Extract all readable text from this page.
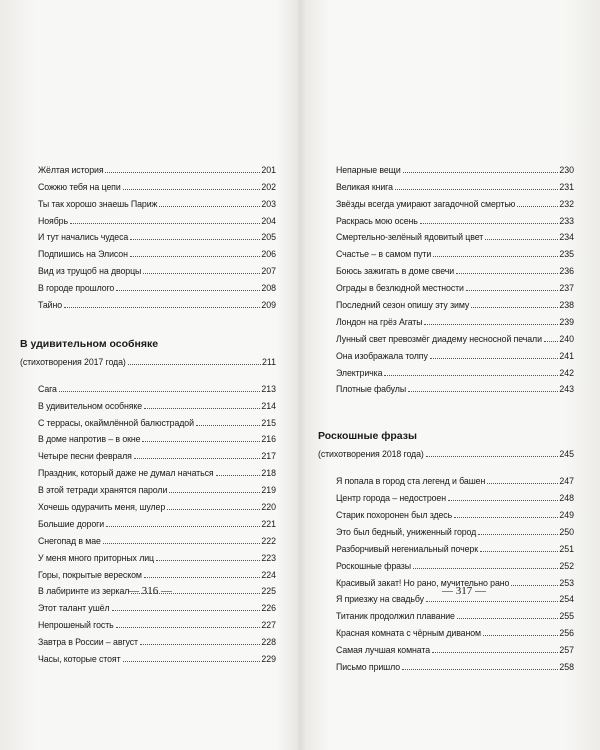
Жёлтая история	201
Сожжю тебя на цепи	202
Ты так хорошо знаешь Париж	203
Ноябрь	204
И тут начались чудеса	205
Подпишись на Элисон	206
Вид из трущоб на дворцы	207
В городе прошлого	208
Тайно	209
В удивительном особняке
(стихотворения 2017 года)	211
Сага	213
В удивительном особняке	214
С террасы, окаймлённой балюстрадой	215
В доме напротив – в окне	216
Четыре песни февраля	217
Праздник, который даже не думал начаться	218
В этой тетради хранятся пароли	219
Хочешь одурачить меня, шулер	220
Большие дороги	221
Снегопад в мае	222
У меня много приторных лиц	223
Горы, покрытые вереском	224
В лабиринте из зеркал	225
Этот талант ушёл	226
Непрошеный гость	227
Завтра в России – август	228
Часы, которые стоят	229
— 316 —
Непарные вещи	230
Великая книга	231
Звёзды всегда умирают загадочной смертью	232
Раскрась мою осень	233
Смертельно-зелёный ядовитый цвет	234
Счастье – в самом пути	235
Боюсь зажигать в доме свечи	236
Ограды в безлюдной местности	237
Последний сезон опишу эту зиму	238
Лондон на грёз Агаты	239
Лунный свет превозмёг диадему несносной печали 240
Она изображала толпу	241
Электричка	242
Плотные фабулы	243
Роскошные фразы
(стихотворения 2018 года)	245
Я попала в город ста легенд и башен	247
Центр города – недостроен	248
Старик похоронен был здесь	249
Это был бедный, униженный город	250
Разборчивый негениальный почерк	251
Роскошные фразы	252
Красивый закат! Но рано, мучительно рано	253
Я приезжу на свадьбу	254
Титаник продолжил плавание	255
Красная комната с чёрным диваном	256
Самая лучшая комната	257
Письмо пришло	258
— 317 —
